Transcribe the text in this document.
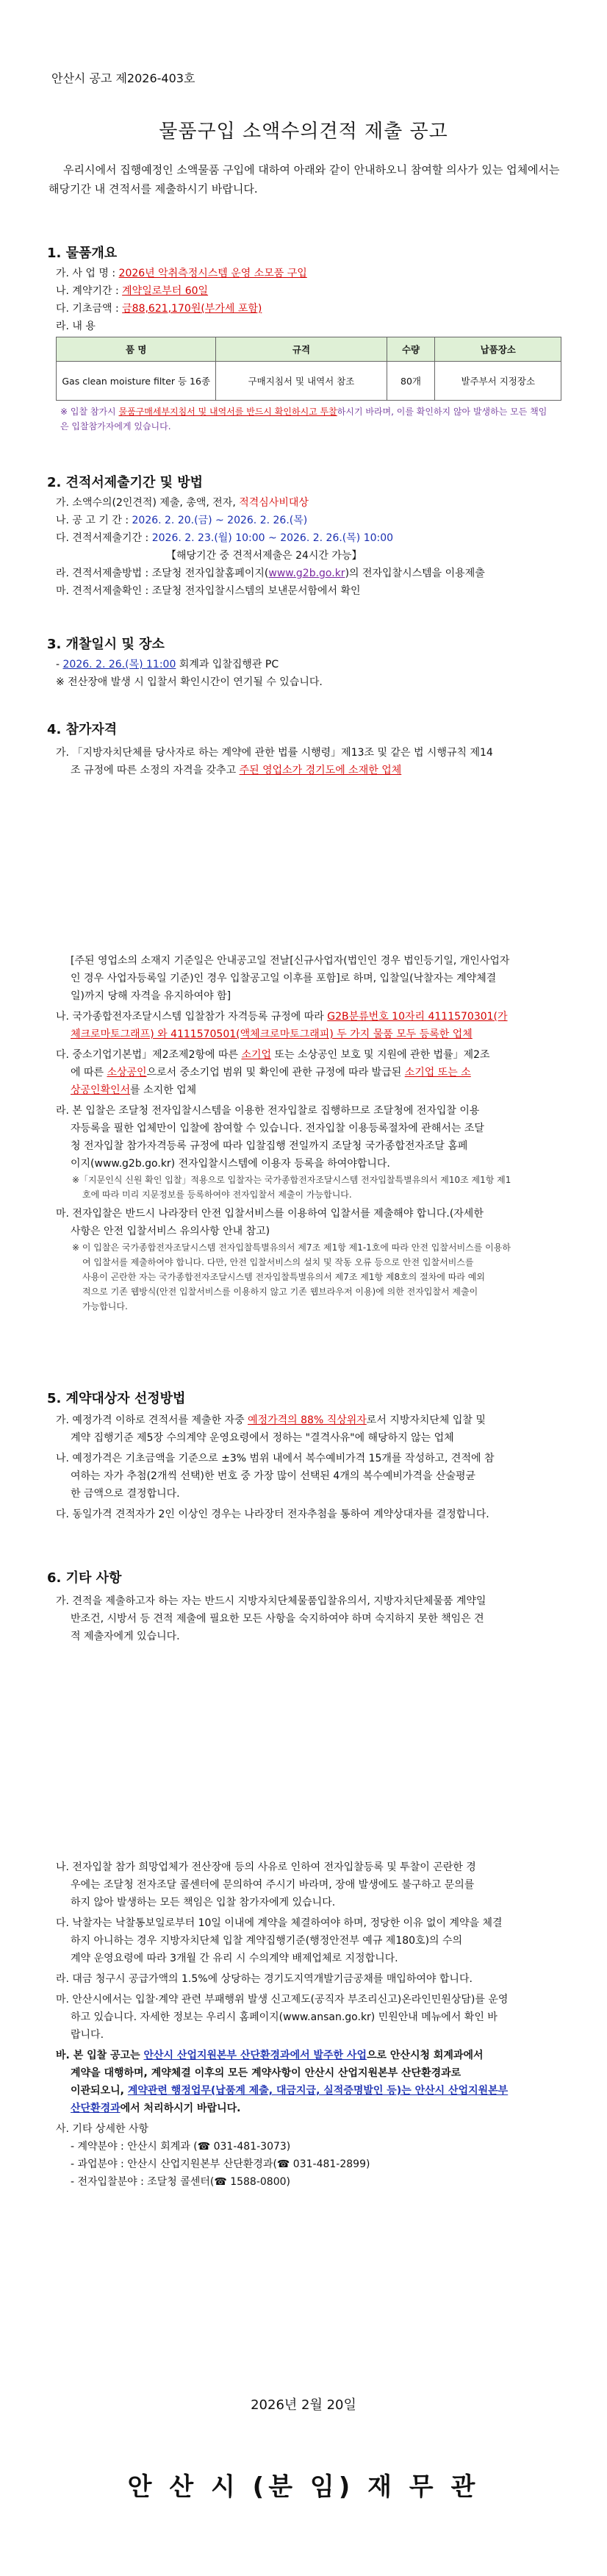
안산시 공고 제2026-403호
물품구입 소액수의견적 제출 공고
우리시에서 집행예정인 소액물품 구입에 대하여 아래와 같이 안내하오니 참여할 의사가 있는 업체에서는 해당기간 내 견적서를 제출하시기 바랍니다.
1. 물품개요
가. 사 업 명 : 2026년 악취측정시스템 운영 소모품 구입
나. 계약기간 : 계약일로부터 60일
다. 기초금액 : 금88,621,170원(부가세 포함)
라. 내 용
품 명	규격	수량	납품장소
Gas clean moisture filter 등 16종	구매지침서 및 내역서 참조	80개	발주부서 지정장소
※ 입찰 참가시 물품구매세부지침서 및 내역서를 반드시 확인하시고 투찰하시기 바라며, 이를 확인하지 않아 발생하는 모든 책임은 입찰참가자에게 있습니다.
2. 견적서제출기간 및 방법
가. 소액수의(2인견적) 제출, 총액, 전자, 적격심사비대상
나. 공 고 기 간 : 2026. 2. 20.(금) ~ 2026. 2. 26.(목)
다. 견적서제출기간 : 2026. 2. 23.(월) 10:00 ~ 2026. 2. 26.(목) 10:00
【해당기간 중 견적서제출은 24시간 가능】
라. 견적서제출방법 : 조달청 전자입찰홈페이지(www.g2b.go.kr)의 전자입찰시스템을 이용제출
마. 견적서제출확인 : 조달청 전자입찰시스템의 보낸문서함에서 확인
3. 개찰일시 및 장소
- 2026. 2. 26.(목) 11:00 회계과 입찰집행관 PC
※ 전산장애 발생 시 입찰서 확인시간이 연기될 수 있습니다.
4. 참가자격
가. 「지방자치단체를 당사자로 하는 계약에 관한 법률 시행령」제13조 및 같은 법 시행규칙 제14
조 규정에 따른 소정의 자격을 갖추고 주된 영업소가 경기도에 소재한 업체
[주된 영업소의 소재지 기준일은 안내공고일 전날[신규사업자(법인인 경우 법인등기일, 개인사업자
인 경우 사업자등록일 기준)인 경우 입찰공고일 이후를 포함]로 하며, 입찰일(낙찰자는 계약체결
일)까지 당해 자격을 유지하여야 함]
나. 국가종합전자조달시스템 입찰참가 자격등록 규정에 따라 G2B분류번호 10자리 4111570301(가
체크로마토그래프) 와 4111570501(액체크로마토그래피) 두 가지 물품 모두 등록한 업체
다. 중소기업기본법」제2조제2항에 따른 소기업 또는 소상공인 보호 및 지원에 관한 법률」제2조
에 따른 소상공인으로서 중소기업 범위 및 확인에 관한 규정에 따라 발급된 소기업 또는 소
상공인확인서를 소지한 업체
라. 본 입찰은 조달청 전자입찰시스템을 이용한 전자입찰로 집행하므로 조달청에 전자입찰 이용
자등록을 필한 업체만이 입찰에 참여할 수 있습니다. 전자입찰 이용등록절차에 관해서는 조달
청 전자입찰 참가자격등록 규정에 따라 입찰집행 전일까지 조달청 국가종합전자조달 홈페
이지(www.g2b.go.kr) 전자입찰시스템에 이용자 등록을 하여야합니다.
※「지문인식 신원 확인 입찰」적용으로 입찰자는 국가종합전자조달시스템 전자입찰특별유의서 제10조 제1항 제1
호에 따라 미리 지문정보를 등록하여야 전자입찰서 제출이 가능합니다.
마. 전자입찰은 반드시 나라장터 안전 입찰서비스를 이용하여 입찰서를 제출해야 합니다.(자세한
사항은 안전 입찰서비스 유의사항 안내 참고)
※ 이 입찰은 국가종합전자조달시스템 전자입찰특별유의서 제7조 제1항 제1-1호에 따라 안전 입찰서비스를 이용하
여 입찰서를 제출하여야 합니다. 다만, 안전 입찰서비스의 설치 및 작동 오류 등으로 안전 입찰서비스를
사용이 곤란한 자는 국가종합전자조달시스템 전자입찰특별유의서 제7조 제1항 제8호의 절차에 따라 예외
적으로 기존 웹방식(안전 입찰서비스를 이용하지 않고 기존 웹브라우저 이용)에 의한 전자입찰서 제출이
가능합니다.
5. 계약대상자 선정방법
가. 예정가격 이하로 견적서를 제출한 자중 예정가격의 88% 직상위자로서 지방자치단체 입찰 및
계약 집행기준 제5장 수의계약 운영요령에서 정하는 "결격사유"에 해당하지 않는 업체
나. 예정가격은 기초금액을 기준으로 ±3% 범위 내에서 복수예비가격 15개를 작성하고, 견적에 참
여하는 자가 추첨(2개씩 선택)한 번호 중 가장 많이 선택된 4개의 복수예비가격을 산술평균
한 금액으로 결정합니다.
다. 동일가격 견적자가 2인 이상인 경우는 나라장터 전자추첨을 통하여 계약상대자를 결정합니다.
6. 기타 사항
가. 견적을 제출하고자 하는 자는 반드시 지방자치단체물품입찰유의서, 지방자치단체물품 계약일
반조건, 시방서 등 견적 제출에 필요한 모든 사항을 숙지하여야 하며 숙지하지 못한 책임은 견
적 제출자에게 있습니다.
나. 전자입찰 참가 희망업체가 전산장애 등의 사유로 인하여 전자입찰등록 및 투찰이 곤란한 경
우에는 조달청 전자조달 콜센터에 문의하여 주시기 바라며, 장애 발생에도 불구하고 문의를
하지 않아 발생하는 모든 책임은 입찰 참가자에게 있습니다.
다. 낙찰자는 낙찰통보일로부터 10일 이내에 계약을 체결하여야 하며, 정당한 이유 없이 계약을 체결
하지 아니하는 경우 지방자치단체 입찰 계약집행기준(행정안전부 예규 제180호)의 수의
계약 운영요령에 따라 3개월 간 유리 시 수의계약 배제업체로 지정합니다.
라. 대금 청구시 공급가액의 1.5%에 상당하는 경기도지역개발기금공채를 매입하여야 합니다.
마. 안산시에서는 입찰·계약 관련 부패행위 발생 신고제도(공직자 부조리신고)온라인민원상담)를 운영
하고 있습니다. 자세한 정보는 우리시 홈페이지(www.ansan.go.kr) 민원안내 메뉴에서 확인 바
랍니다.
바. 본 입찰 공고는 안산시 산업지원본부 산단환경과에서 발주한 사업으로 안산시청 회계과에서
계약을 대행하며, 계약체결 이후의 모든 계약사항이 안산시 산업지원본부 산단환경과로
이관되오니, 계약관련 행정업무(납품계 제출, 대금지급, 실적증명발인 등)는 안산시 산업지원본부
산단환경과에서 처리하시기 바랍니다.
사. 기타 상세한 사항
- 계약분야 : 안산시 회계과 (☎ 031-481-3073)
- 과업분야 : 안산시 산업지원본부 산단환경과(☎ 031-481-2899)
- 전자입찰분야 : 조달청 콜센터(☎ 1588-0800)
2026년 2월 20일
안 산 시 (분 임) 재 무 관
